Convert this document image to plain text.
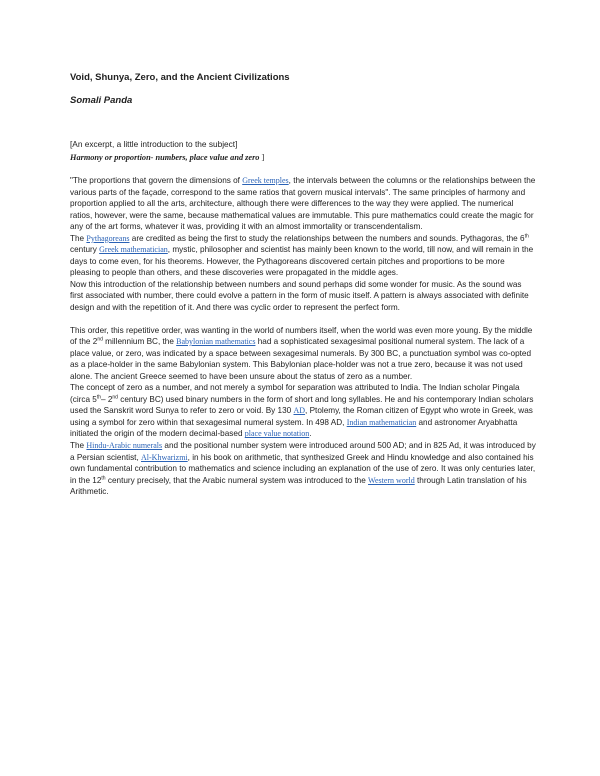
Void, Shunya, Zero, and the Ancient Civilizations
Somali Panda
[An excerpt, a little introduction to the subject]
Harmony or proportion- numbers, place value and zero ]

"The proportions that govern the dimensions of Greek temples, the intervals between the columns or the relationships between the various parts of the façade, correspond to the same ratios that govern musical intervals". The same principles of harmony and proportion applied to all the arts, architecture, although there were differences to the way they were applied. The numerical ratios, however, were the same, because mathematical values are immutable. This pure mathematics could create the magic for any of the art forms, whatever it was, providing it with an almost immortality or transcendentalism.

The Pythagoreans are credited as being the first to study the relationships between the numbers and sounds. Pythagoras, the 6th century Greek mathematician, mystic, philosopher and scientist has mainly been known to the world, till now, and will remain in the days to come even, for his theorems. However, the Pythagoreans discovered certain pitches and proportions to be more pleasing to people than others, and these discoveries were propagated in the middle ages.

Now this introduction of the relationship between numbers and sound perhaps did some wonder for music. As the sound was first associated with number, there could evolve a pattern in the form of music itself. A pattern is always associated with definite design and with the repetition of it. And there was cyclic order to represent the perfect form.

This order, this repetitive order, was wanting in the world of numbers itself, when the world was even more young. By the middle of the 2nd millennium BC, the Babylonian mathematics had a sophisticated sexagesimal positional numeral system. The lack of a place value, or zero, was indicated by a space between sexagesimal numerals. By 300 BC, a punctuation symbol was co-opted as a place-holder in the same Babylonian system. This Babylonian place-holder was not a true zero, because it was not used alone. The ancient Greece seemed to have been unsure about the status of zero as a number.

The concept of zero as a number, and not merely a symbol for separation was attributed to India. The Indian scholar Pingala (circa 5th– 2nd century BC) used binary numbers in the form of short and long syllables. He and his contemporary Indian scholars used the Sanskrit word Sunya to refer to zero or void. By 130 AD, Ptolemy, the Roman citizen of Egypt who wrote in Greek, was using a symbol for zero within that sexagesimal numeral system. In 498 AD, Indian mathematician and astronomer Aryabhatta initiated the origin of the modern decimal-based place value notation.

The Hindu-Arabic numerals and the positional number system were introduced around 500 AD; and in 825 Ad, it was introduced by a Persian scientist, Al-Khwarizmi, in his book on arithmetic, that synthesized Greek and Hindu knowledge and also contained his own fundamental contribution to mathematics and science including an explanation of the use of zero. It was only centuries later, in the 12th century precisely, that the Arabic numeral system was introduced to the Western world through Latin translation of his Arithmetic.
